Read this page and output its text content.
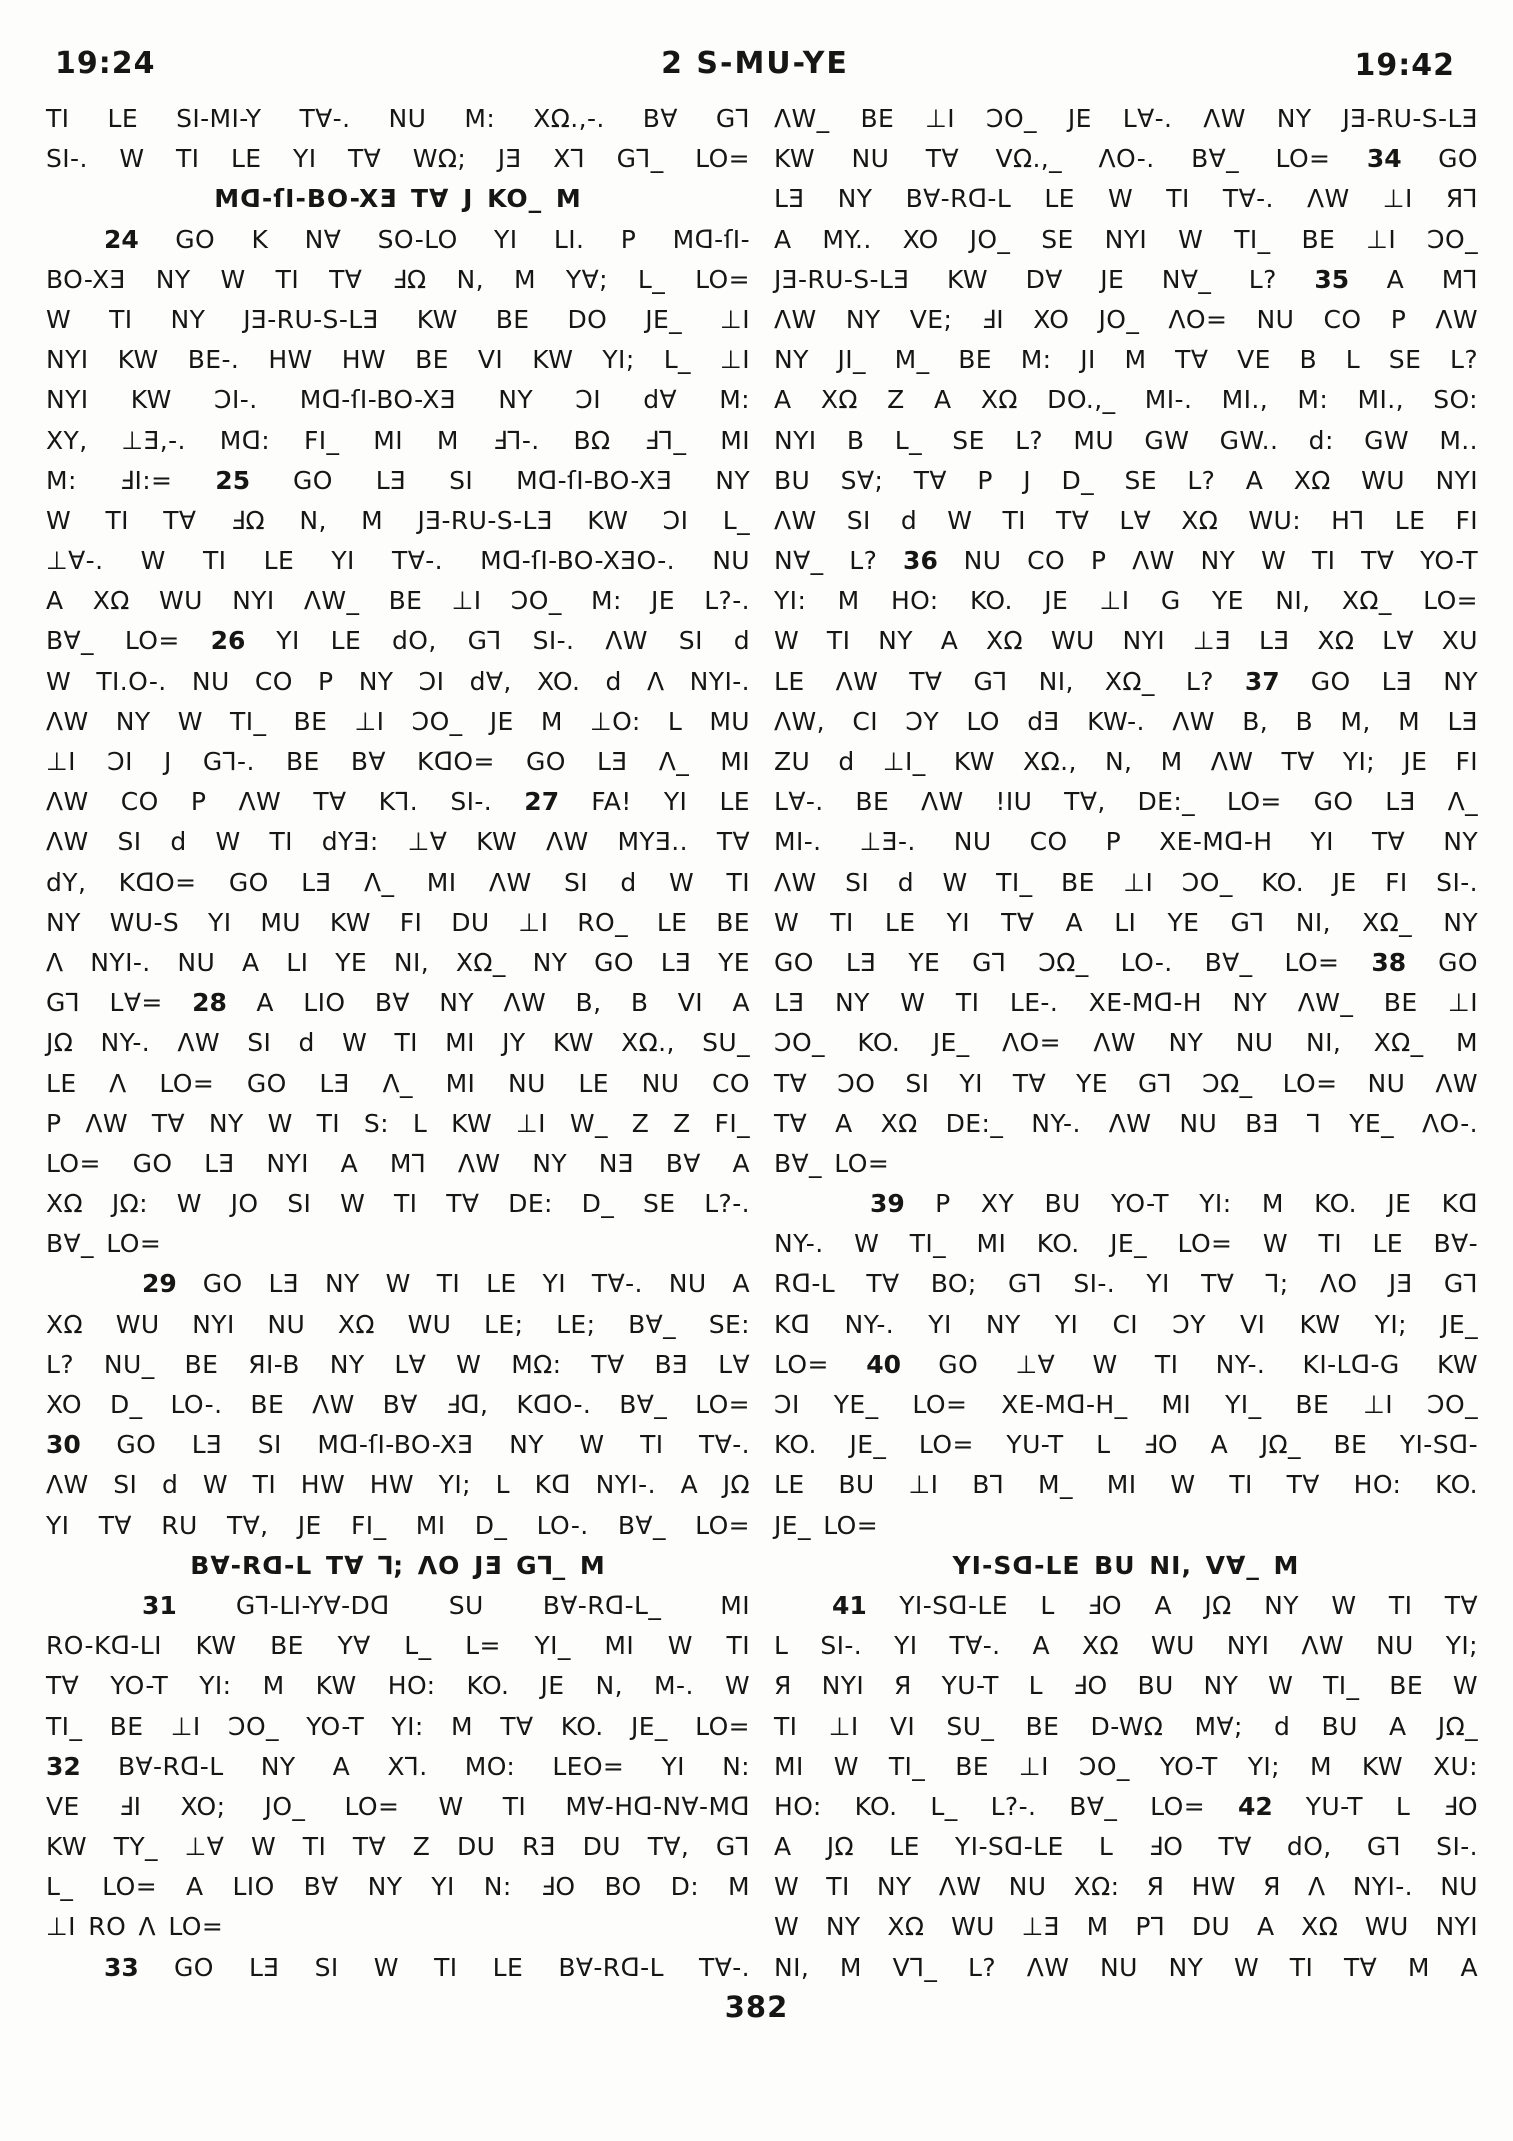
19:24	2 S-MU-YE	19:42
TI LE SI-MI-Y T∀-. NU M: XΩ.,-. B∀ G⅂
SI-. W TI LE YI T∀ WΩ; JƎ X⅂ G⅂_ LO=
Mᗡ-ſI-BO-XƎ T∀ J KO_ M
24 GO K N∀ SO-LO YI LI. P Mᗡ-ſI-
BO-XƎ NY W TI T∀ ℲΩ N, M Y∀; L_ LO=
W TI NY JƎ-RU-S-LƎ KW BE DO JE_ ⊥I
NYI KW BE-. HW HW BE VI KW YI; L_ ⊥I
NYI KW ƆI-. Mᗡ-ſI-BO-XƎ NY ƆI d∀ M:
XY, ⊥Ǝ,-. Mᗡ: FI_ MI M Ⅎ⅂-. BΩ Ⅎ⅂_ MI
M: ℲI:= 25 GO LƎ SI Mᗡ-ſI-BO-XƎ NY
W TI T∀ ℲΩ N, M JƎ-RU-S-LƎ KW ƆI L_
⊥∀-. W TI LE YI T∀-. Mᗡ-ſI-BO-XƎO-. NU
A XΩ WU NYI ΛW_ BE ⊥I ƆO_ M: JE L?-.
B∀_ LO= 26 YI LE dO, G⅂ SI-. ΛW SI d
W TI.O-. NU CO P NY ƆI d∀, XO. d Λ NYI-.
ΛW NY W TI_ BE ⊥I ƆO_ JE M ⊥O: L MU
⊥I ƆI J G⅂-. BE B∀ KᗡO= GO LƎ Λ_ MI
ΛW CO P ΛW T∀ K⅂. SI-. 27 FA! YI LE
ΛW SI d W TI dYƎ: ⊥∀ KW ΛW MYƎ.. T∀
dY, KᗡO= GO LƎ Λ_ MI ΛW SI d W TI
NY WU-S YI MU KW FI DU ⊥I RO_ LE BE
Λ NYI-. NU A LI YE NI, XΩ_ NY GO LƎ YE
G⅂ L∀= 28 A LIO B∀ NY ΛW B, B VI A
JΩ NY-. ΛW SI d W TI MI JY KW XΩ., SU_
LE Λ LO= GO LƎ Λ_ MI NU LE NU CO
P ΛW T∀ NY W TI S: L KW ⊥I W_ Z Z FI_
LO= GO LƎ NYI A M⅂ ΛW NY NƎ B∀ A
XΩ JΩ: W JO SI W TI T∀ DE: D_ SE L?-.
B∀_ LO=
29 GO LƎ NY W TI LE YI T∀-. NU A
XΩ WU NYI NU XΩ WU LE; LE; B∀_ SE:
L? NU_ BE ЯI-B NY L∀ W MΩ: T∀ BƎ L∀
XO D_ LO-. BE ΛW B∀ Ⅎᗡ, KᗡO-. B∀_ LO=
30 GO LƎ SI Mᗡ-ſI-BO-XƎ NY W TI T∀-.
ΛW SI d W TI HW HW YI; L Kᗡ NYI-. A JΩ
YI T∀ RU T∀, JE FI_ MI D_ LO-. B∀_ LO=
B∀-Rᗡ-L T∀ ⅂; ΛO JƎ G⅂_ M
31 G⅂-LI-Y∀-Dᗡ SU B∀-Rᗡ-L_ MI
RO-Kᗡ-LI KW BE Y∀ L_ L= YI_ MI W TI
T∀ YO-T YI: M KW HO: KO. JE N, M-. W
TI_ BE ⊥I ƆO_ YO-T YI: M T∀ KO. JE_ LO=
32 B∀-Rᗡ-L NY A X⅂. MO: LEO= YI N:
VE ℲI XO; JO_ LO= W TI M∀-Hᗡ-N∀-Mᗡ
KW TY_ ⊥∀ W TI T∀ Z DU RƎ DU T∀, G⅂
L_ LO= A LIO B∀ NY YI N: ℲO BO D: M
⊥I RO Λ LO=
33 GO LƎ SI W TI LE B∀-Rᗡ-L T∀-.
ΛW_ BE ⊥I ƆO_ JE L∀-. ΛW NY JƎ-RU-S-LƎ
KW NU T∀ VΩ.,_ ΛO-. B∀_ LO= 34 GO
LƎ NY B∀-Rᗡ-L LE W TI T∀-. ΛW ⊥I Я⅂
A MY.. XO JO_ SE NYI W TI_ BE ⊥I ƆO_
JƎ-RU-S-LƎ KW D∀ JE N∀_ L? 35 A M⅂
ΛW NY VE; ℲI XO JO_ ΛO= NU CO P ΛW
NY JI_ M_ BE M: JI M T∀ VE B L SE L?
A XΩ Z A XΩ DO.,_ MI-. MI., M: MI., SO:
NYI B L_ SE L? MU GW GW.. d: GW M..
BU S∀; T∀ P J D_ SE L? A XΩ WU NYI
ΛW SI d W TI T∀ L∀ XΩ WU: H⅂ LE FI
N∀_ L? 36 NU CO P ΛW NY W TI T∀ YO-T
YI: M HO: KO. JE ⊥I G YE NI, XΩ_ LO=
W TI NY A XΩ WU NYI ⊥Ǝ LƎ XΩ L∀ XU
LE ΛW T∀ G⅂ NI, XΩ_ L? 37 GO LƎ NY
ΛW, CI ƆY LO dƎ KW-. ΛW B, B M, M LƎ
ZU d ⊥I_ KW XΩ., N, M ΛW T∀ YI; JE FI
L∀-. BE ΛW !IU T∀, DE:_ LO= GO LƎ Λ_
MI-. ⊥Ǝ-. NU CO P XE-Mᗡ-H YI T∀ NY
ΛW SI d W TI_ BE ⊥I ƆO_ KO. JE FI SI-.
W TI LE YI T∀ A LI YE G⅂ NI, XΩ_ NY
GO LƎ YE G⅂ ƆΩ_ LO-. B∀_ LO= 38 GO
LƎ NY W TI LE-. XE-Mᗡ-H NY ΛW_ BE ⊥I
ƆO_ KO. JE_ ΛO= ΛW NY NU NI, XΩ_ M
T∀ ƆO SI YI T∀ YE G⅂ ƆΩ_ LO= NU ΛW
T∀ A XΩ DE:_ NY-. ΛW NU BƎ ⅂ YE_ ΛO-.
B∀_ LO=
39 P XY BU YO-T YI: M KO. JE Kᗡ
NY-. W TI_ MI KO. JE_ LO= W TI LE B∀-
Rᗡ-L T∀ BO; G⅂ SI-. YI T∀ ⅂; ΛO JƎ G⅂
Kᗡ NY-. YI NY YI CI ƆY VI KW YI; JE_
LO= 40 GO ⊥∀ W TI NY-. KI-Lᗡ-G KW
ƆI YE_ LO= XE-Mᗡ-H_ MI YI_ BE ⊥I ƆO_
KO. JE_ LO= YU-T L ℲO A JΩ_ BE YI-Sᗡ-
LE BU ⊥I B⅂ M_ MI W TI T∀ HO: KO.
JE_ LO=
YI-Sᗡ-LE BU NI, V∀_ M
41 YI-Sᗡ-LE L ℲO A JΩ NY W TI T∀
L SI-. YI T∀-. A XΩ WU NYI ΛW NU YI;
Я NYI Я YU-T L ℲO BU NY W TI_ BE W
TI ⊥I VI SU_ BE D-WΩ M∀; d BU A JΩ_
MI W TI_ BE ⊥I ƆO_ YO-T YI; M KW XU:
HO: KO. L_ L?-. B∀_ LO= 42 YU-T L ℲO
A JΩ LE YI-Sᗡ-LE L ℲO T∀ dO, G⅂ SI-.
W TI NY ΛW NU XΩ: Я HW Я Λ NYI-. NU
W NY XΩ WU ⊥Ǝ M P⅂ DU A XΩ WU NYI
NI, M V⅂_ L? ΛW NU NY W TI T∀ M A
382
